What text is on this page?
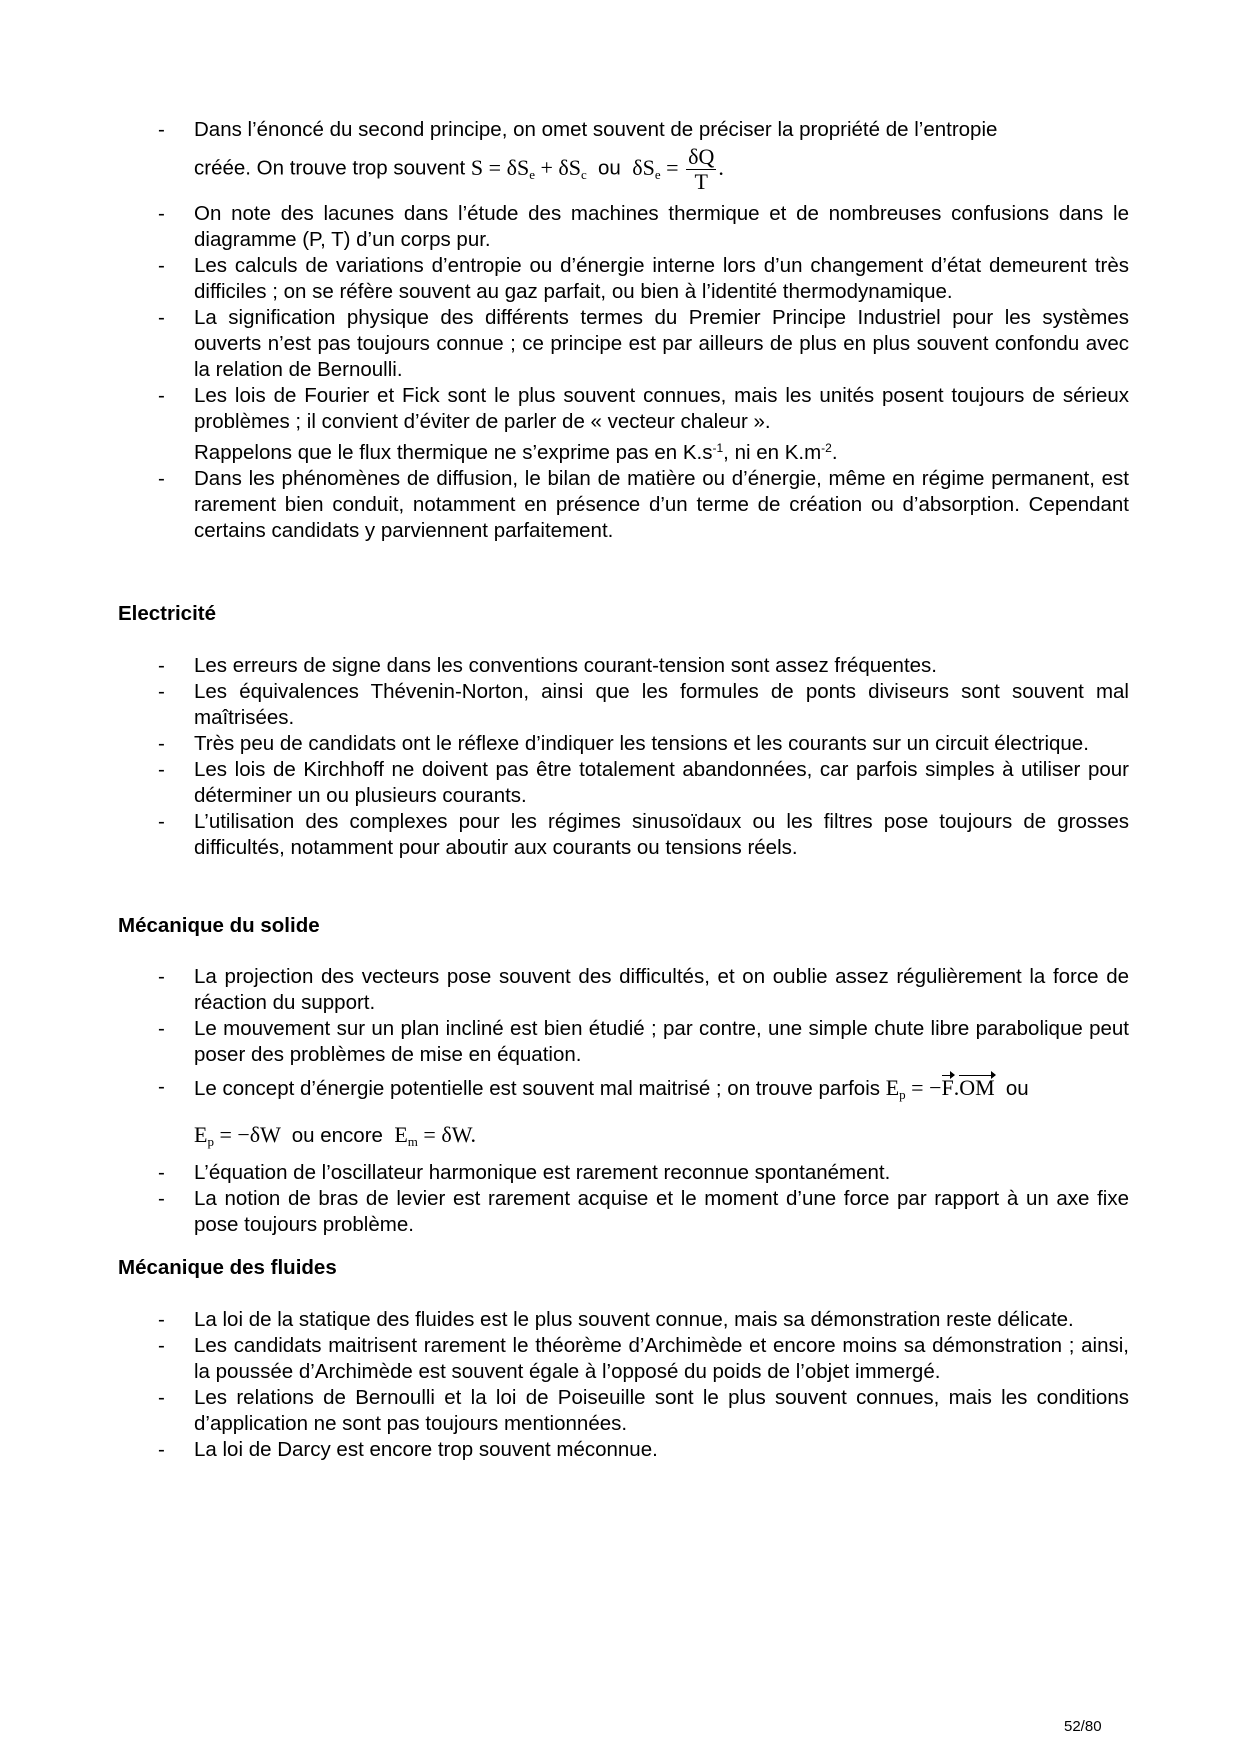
- Dans l’énoncé du second principe, on omet souvent de préciser la propriété de l’entropie
créée. On trouve trop souvent $S = \delta S_e + \delta S_c$ ou $\delta S_e = \frac{\delta Q}{T}$ .
- On note des lacunes dans l’étude des machines thermique et de nombreuses confusions dans le diagramme (P, T) d’un corps pur.
- Les calculs de variations d’entropie ou d’énergie interne lors d’un changement d’état demeurent très difficiles ; on se réfère souvent au gaz parfait, ou bien à l’identité thermodynamique.
- La signification physique des différents termes du Premier Principe Industriel pour les systèmes ouverts n’est pas toujours connue ; ce principe est par ailleurs de plus en plus souvent confondu avec la relation de Bernoulli.
- Les lois de Fourier et Fick sont le plus souvent connues, mais les unités posent toujours de sérieux problèmes ; il convient d’éviter de parler de « vecteur chaleur ».
Rappelons que le flux thermique ne s’exprime pas en $K.s^{-1}$, ni en $K.m^{-2}$.
- Dans les phénomènes de diffusion, le bilan de matière ou d’énergie, même en régime permanent, est rarement bien conduit, notamment en présence d’un terme de création ou d’absorption. Cependant certains candidats y parviennent parfaitement.
Electricité
- Les erreurs de signe dans les conventions courant-tension sont assez fréquentes.
- Les équivalences Thévenin-Norton, ainsi que les formules de ponts diviseurs sont souvent mal maîtrisées.
- Très peu de candidats ont le réflexe d’indiquer les tensions et les courants sur un circuit électrique.
- Les lois de Kirchhoff ne doivent pas être totalement abandonnées, car parfois simples à utiliser pour déterminer un ou plusieurs courants.
- L’utilisation des complexes pour les régimes sinusoïdaux ou les filtres pose toujours de grosses difficultés, notamment pour aboutir aux courants ou tensions réels.
Mécanique du solide
- La projection des vecteurs pose souvent des difficultés, et on oublie assez régulièrement la force de réaction du support.
- Le mouvement sur un plan incliné est bien étudié ; par contre, une simple chute libre parabolique peut poser des problèmes de mise en équation.
- Le concept d’énergie potentielle est souvent mal maitrisé ; on trouve parfois $E_p = -F.OM$ ou
$E_p = -\delta W$ ou encore $E_m = \delta W$.
- L’équation de l’oscillateur harmonique est rarement reconnue spontanément.
- La notion de bras de levier est rarement acquise et le moment d’une force par rapport à un axe fixe pose toujours problème.
Mécanique des fluides
- La loi de la statique des fluides est le plus souvent connue, mais sa démonstration reste délicate.
- Les candidats maitrisent rarement le théorème d’Archimède et encore moins sa démonstration ; ainsi, la poussée d’Archimède est souvent égale à l’opposé du poids de l’objet immergé.
- Les relations de Bernoulli et la loi de Poiseuille sont le plus souvent connues, mais les conditions d’application ne sont pas toujours mentionnées.
- La loi de Darcy est encore trop souvent méconnue.
52/80
